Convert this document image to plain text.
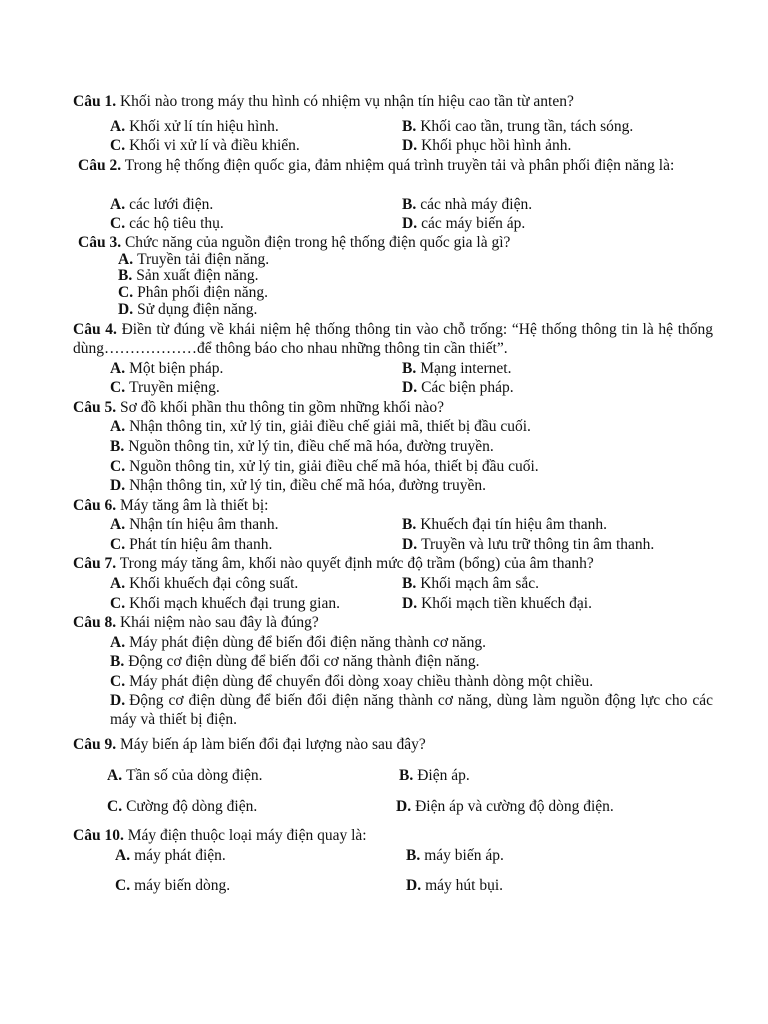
Câu 1. Khối nào trong máy thu hình có nhiệm vụ nhận tín hiệu cao tần từ anten?
A. Khối xử lí tín hiệu hình.	B. Khối cao tần, trung tần, tách sóng.
C. Khối vi xử lí và điều khiển.	D. Khối phục hồi hình ảnh.
Câu 2. Trong hệ thống điện quốc gia, đảm nhiệm quá trình truyền tải và phân phối điện năng là:
A. các lưới điện.	B. các nhà máy điện.
C. các hộ tiêu thụ.	D. các máy biến áp.
Câu 3. Chức năng của nguồn điện trong hệ thống điện quốc gia là gì?
A. Truyền tải điện năng.
B. Sản xuất điện năng.
C. Phân phối điện năng.
D. Sử dụng điện năng.
Câu 4. Điền từ đúng về khái niệm hệ thống thông tin vào chỗ trống: “Hệ thống thông tin là hệ thống dùng………………để thông báo cho nhau những thông tin cần thiết”.
A. Một biện pháp.	B. Mạng internet.
C. Truyền miệng.	D. Các biện pháp.
Câu 5. Sơ đồ khối phần thu thông tin gồm những khối nào?
A. Nhận thông tin, xử lý tin, giải điều chế giải mã, thiết bị đầu cuối.
B. Nguồn thông tin, xử lý tin, điều chế mã hóa, đường truyền.
C. Nguồn thông tin, xử lý tin, giải điều chế mã hóa, thiết bị đầu cuối.
D. Nhận thông tin, xử lý tin, điều chế mã hóa, đường truyền.
Câu 6. Máy tăng âm là thiết bị:
A. Nhận tín hiệu âm thanh.	B. Khuếch đại tín hiệu âm thanh.
C. Phát tín hiệu âm thanh.	D. Truyền và lưu trữ thông tin âm thanh.
Câu 7. Trong máy tăng âm, khối nào quyết định mức độ trầm (bổng) của âm thanh?
A. Khối khuếch đại công suất.	B. Khối mạch âm sắc.
C. Khối mạch khuếch đại trung gian.	D. Khối mạch tiền khuếch đại.
Câu 8. Khái niệm nào sau đây là đúng?
A. Máy phát điện dùng để biến đổi điện năng thành cơ năng.
B. Động cơ điện dùng để biến đổi cơ năng thành điện năng.
C. Máy phát điện dùng để chuyển đổi dòng xoay chiều thành dòng một chiều.
D. Động cơ điện dùng để biến đổi điện năng thành cơ năng, dùng làm nguồn động lực cho các máy và thiết bị điện.
Câu 9. Máy biến áp làm biến đổi đại lượng nào sau đây?
A. Tần số của dòng điện.	B. Điện áp.
C. Cường độ dòng điện.	D. Điện áp và cường độ dòng điện.
Câu 10. Máy điện thuộc loại máy điện quay là:
A. máy phát điện.	B. máy biến áp.
C. máy biến dòng.	D. máy hút bụi.
